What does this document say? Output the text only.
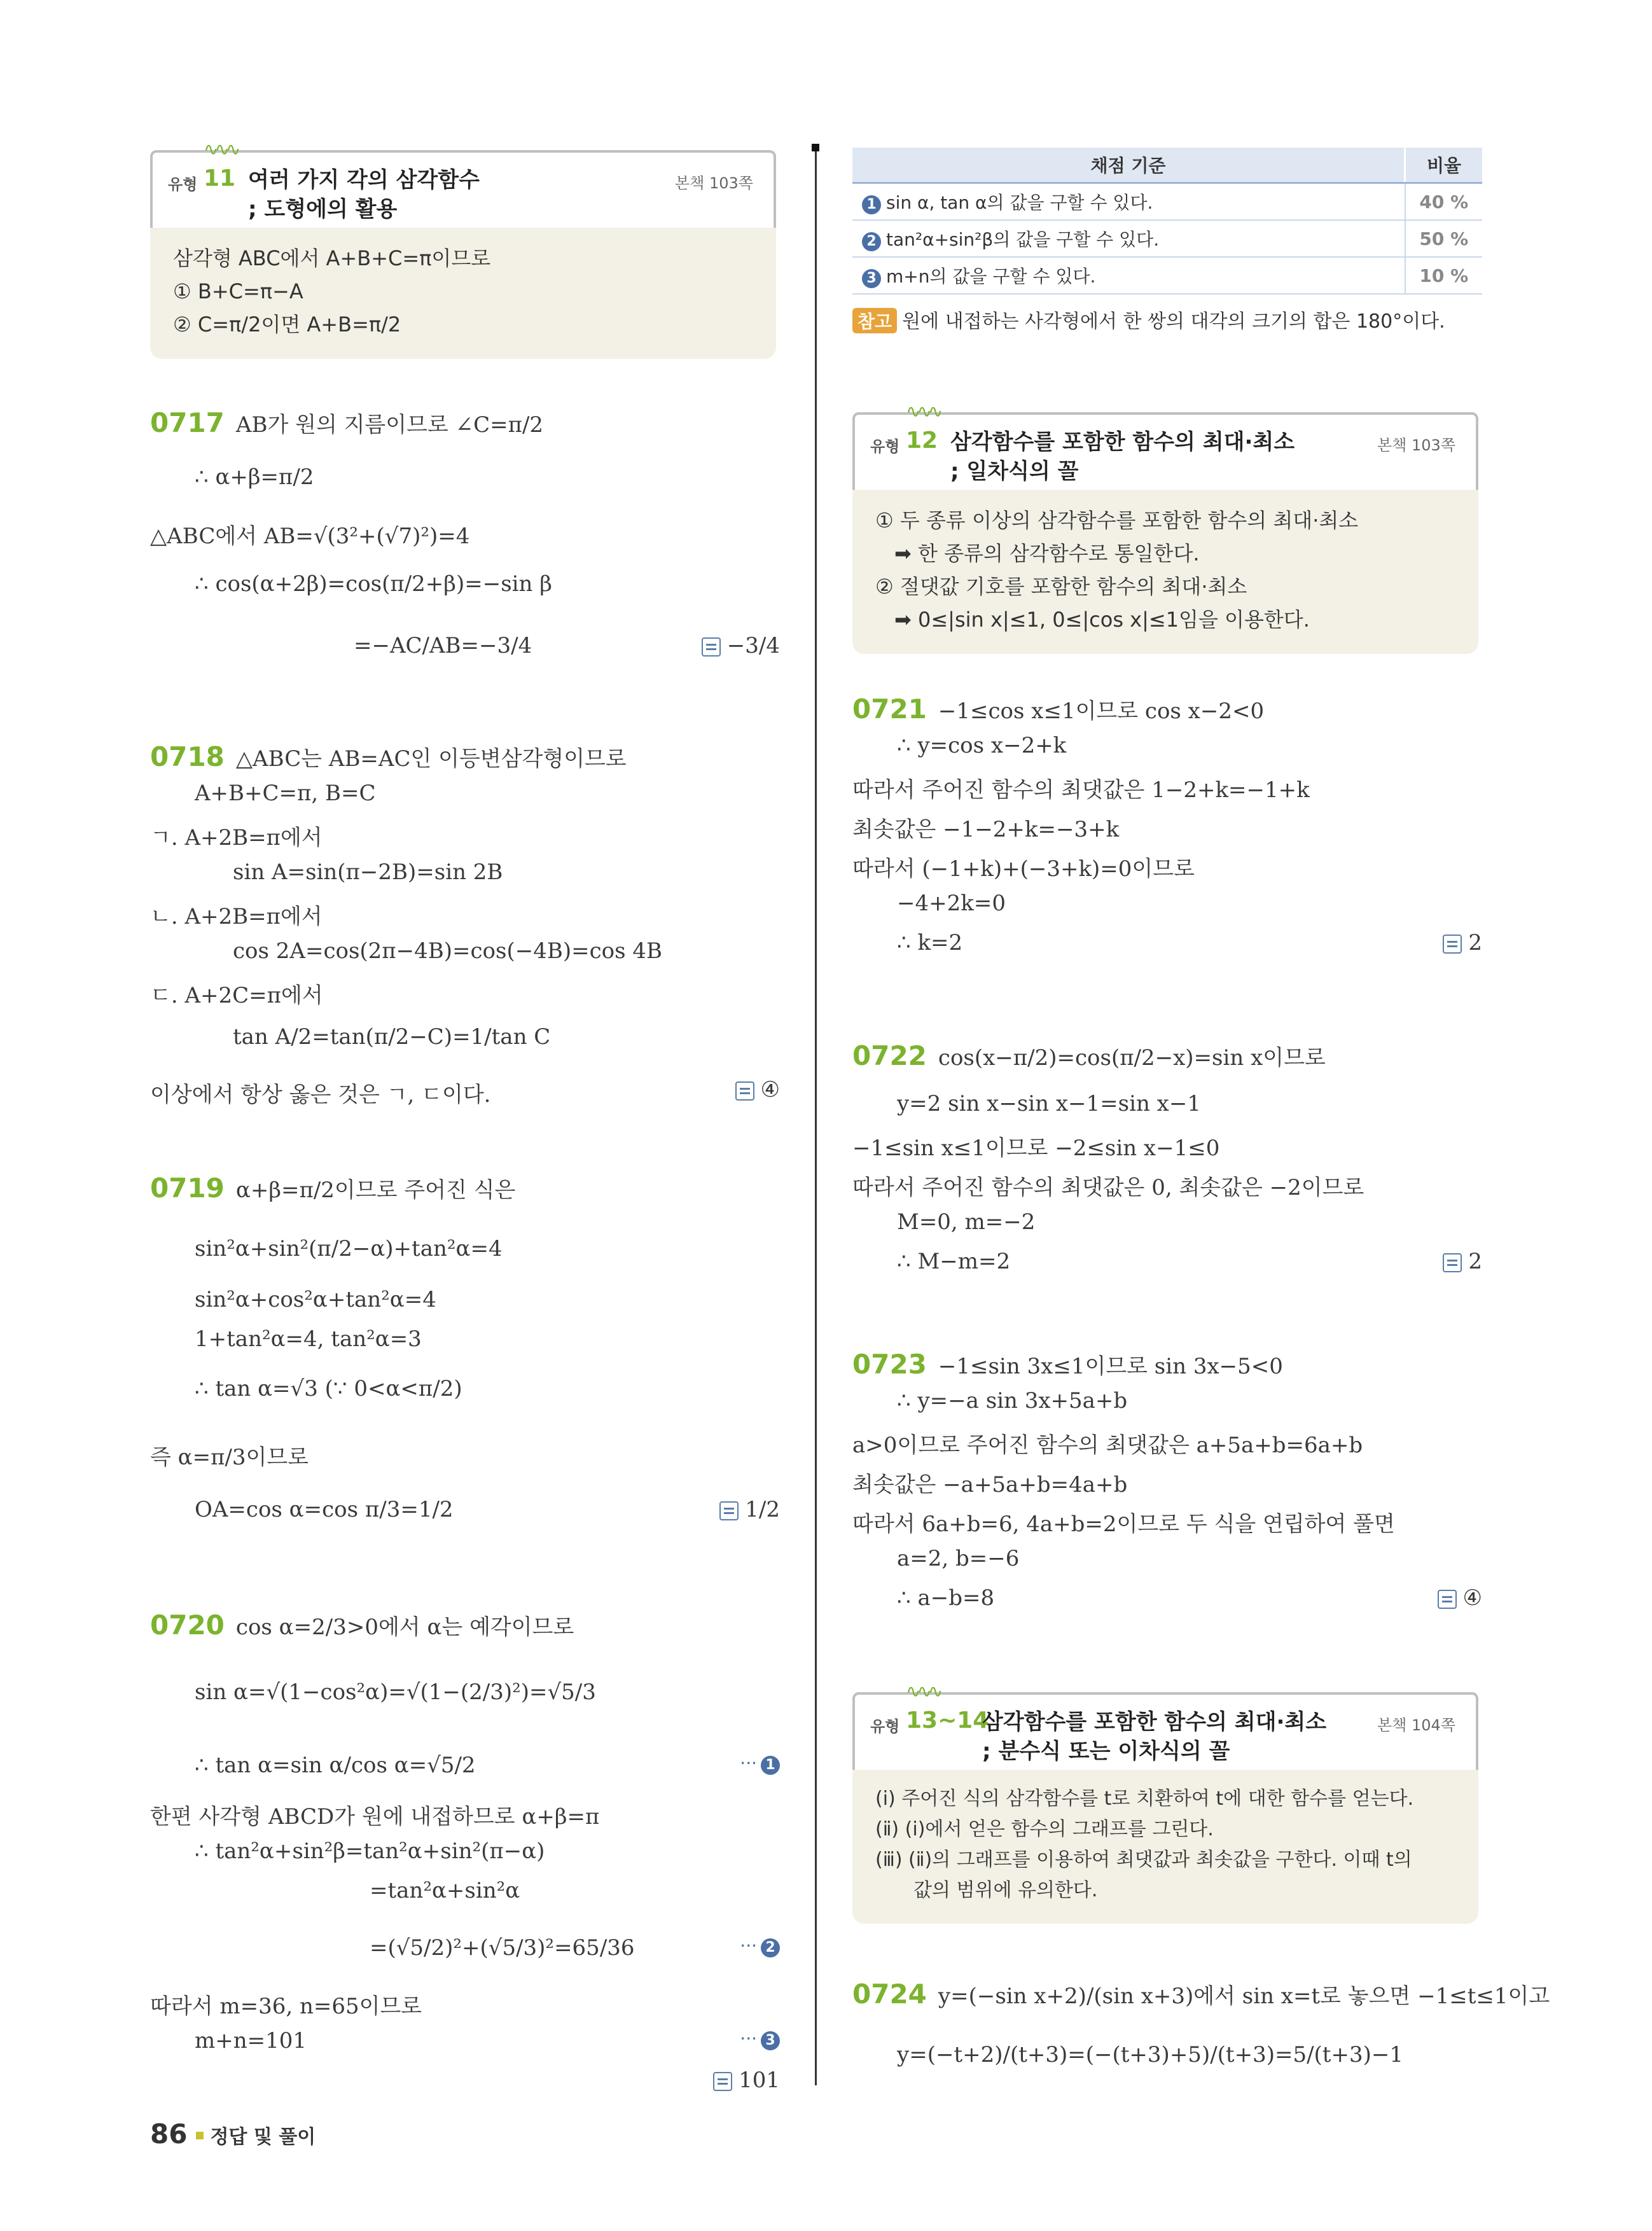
∿∿∿
유형 11 여러 가지 각의 삼각함수
; 도형에의 활용
본책 103쪽
삼각형 ABC에서 A+B+C=π이므로
① B+C=π−A
② C=π/2이면 A+B=π/2
0717 AB가 원의 지름이므로 ∠C=π/2
∴ α+β=π/2
△ABC에서 AB=√(3²+(√7)²)=4
∴ cos(α+2β)=cos(π/2+β)=−sin β
=−AC/AB=−3/4	−3/4
0718 △ABC는 AB=AC인 이등변삼각형이므로
A+B+C=π, B=C
ㄱ. A+2B=π에서
sin A=sin(π−2B)=sin 2B
ㄴ. A+2B=π에서
cos 2A=cos(2π−4B)=cos(−4B)=cos 4B
ㄷ. A+2C=π에서
tan A/2=tan(π/2−C)=1/tan C
이상에서 항상 옳은 것은 ㄱ, ㄷ이다.	④
0719 α+β=π/2이므로 주어진 식은
sin²α+sin²(π/2−α)+tan²α=4
sin²α+cos²α+tan²α=4
1+tan²α=4, tan²α=3
∴ tan α=√3 (∵ 0<α<π/2)
즉 α=π/3이므로
OA=cos α=cos π/3=1/2	1/2
0720 cos α=2/3>0에서 α는 예각이므로
sin α=√(1−cos²α)=√(1−(2/3)²)=√5/3
∴ tan α=sin α/cos α=√5/2	··· 1
한편 사각형 ABCD가 원에 내접하므로 α+β=π
∴ tan²α+sin²β=tan²α+sin²(π−α)
=tan²α+sin²α
=(√5/2)²+(√5/3)²=65/36	··· 2
따라서 m=36, n=65이므로
m+n=101	··· 3
101
채점 기준	비율
1 sin α, tan α의 값을 구할 수 있다.	40 %
2 tan²α+sin²β의 값을 구할 수 있다.	50 %
3 m+n의 값을 구할 수 있다.	10 %
참고 원에 내접하는 사각형에서 한 쌍의 대각의 크기의 합은 180°이다.
∿∿∿
유형 12 삼각함수를 포함한 함수의 최대·최소
; 일차식의 꼴
본책 103쪽
① 두 종류 이상의 삼각함수를 포함한 함수의 최대·최소
➡ 한 종류의 삼각함수로 통일한다.
② 절댓값 기호를 포함한 함수의 최대·최소
➡ 0≤|sin x|≤1, 0≤|cos x|≤1임을 이용한다.
0721 −1≤cos x≤1이므로 cos x−2<0
∴ y=cos x−2+k
따라서 주어진 함수의 최댓값은 1−2+k=−1+k
최솟값은 −1−2+k=−3+k
따라서 (−1+k)+(−3+k)=0이므로
−4+2k=0
∴ k=2	2
0722 cos(x−π/2)=cos(π/2−x)=sin x이므로
y=2 sin x−sin x−1=sin x−1
−1≤sin x≤1이므로 −2≤sin x−1≤0
따라서 주어진 함수의 최댓값은 0, 최솟값은 −2이므로
M=0, m=−2
∴ M−m=2	2
0723 −1≤sin 3x≤1이므로 sin 3x−5<0
∴ y=−a sin 3x+5a+b
a>0이므로 주어진 함수의 최댓값은 a+5a+b=6a+b
최솟값은 −a+5a+b=4a+b
따라서 6a+b=6, 4a+b=2이므로 두 식을 연립하여 풀면
a=2, b=−6
∴ a−b=8	④
∿∿∿
유형 13∼14
삼각함수를 포함한 함수의 최대·최소
; 분수식 또는 이차식의 꼴
본책 104쪽
(ⅰ) 주어진 식의 삼각함수를 t로 치환하여 t에 대한 함수를 얻는다.
(ⅱ) (ⅰ)에서 얻은 함수의 그래프를 그린다.
(ⅲ) (ⅱ)의 그래프를 이용하여 최댓값과 최솟값을 구한다. 이때 t의
값의 범위에 유의한다.
0724 y=(−sin x+2)/(sin x+3)에서 sin x=t로 놓으면 −1≤t≤1이고
y=(−t+2)/(t+3)=(−(t+3)+5)/(t+3)=5/(t+3)−1
86 정답 및 풀이
